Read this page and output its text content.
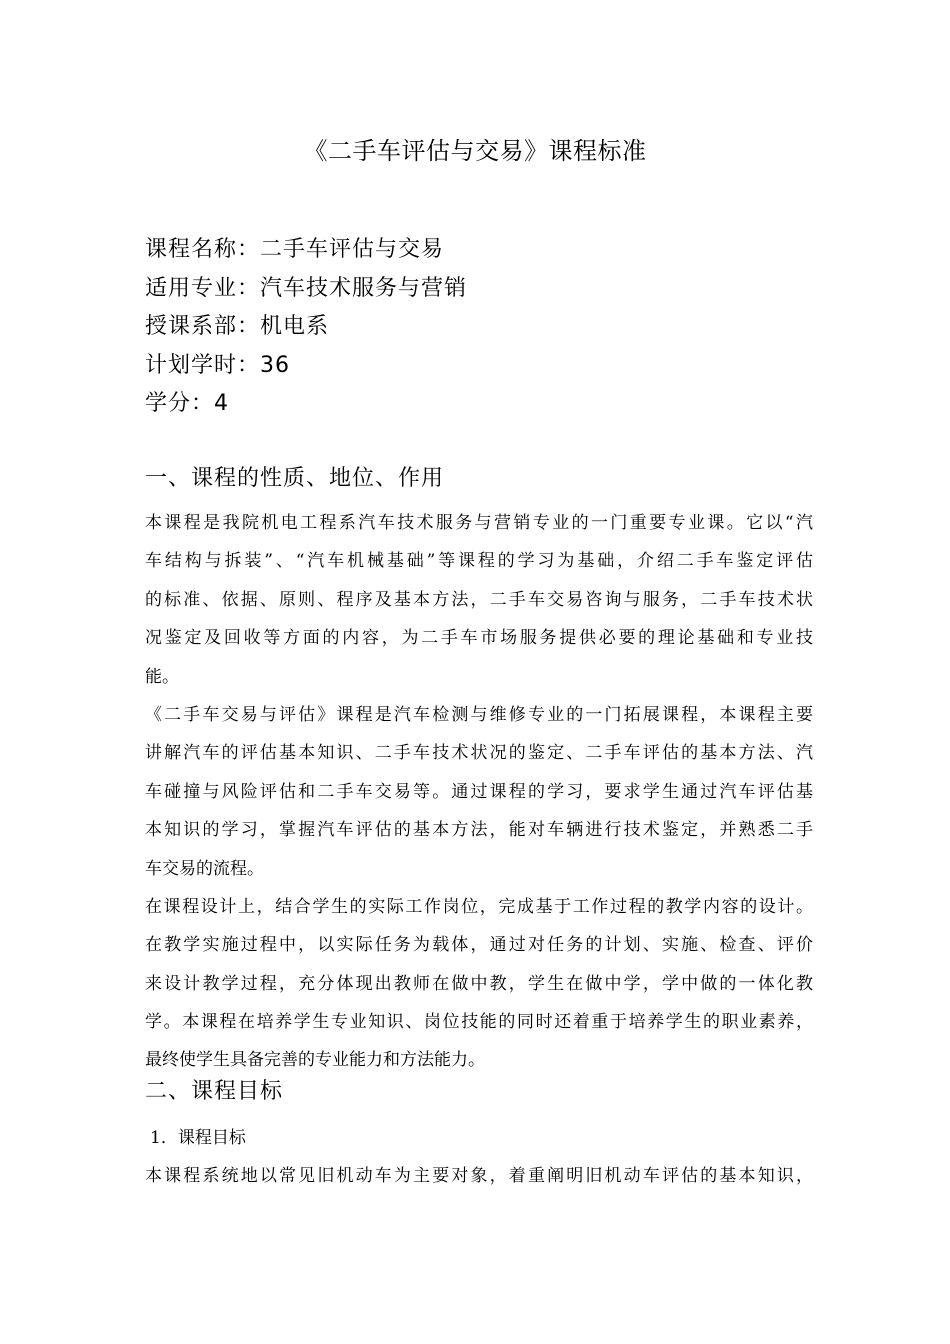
《二手车评估与交易》课程标准
课程名称：二手车评估与交易
适用专业：汽车技术服务与营销
授课系部：机电系
计划学时：36
学分：4
一、课程的性质、地位、作用
本课程是我院机电工程系汽车技术服务与营销专业的一门重要专业课。它以“汽
车结构与拆装”、“汽车机械基础”等课程的学习为基础，介绍二手车鉴定评估
的标准、依据、原则、程序及基本方法，二手车交易咨询与服务，二手车技术状
况鉴定及回收等方面的内容，为二手车市场服务提供必要的理论基础和专业技
能。
《二手车交易与评估》课程是汽车检测与维修专业的一门拓展课程，本课程主要
讲解汽车的评估基本知识、二手车技术状况的鉴定、二手车评估的基本方法、汽
车碰撞与风险评估和二手车交易等。通过课程的学习，要求学生通过汽车评估基
本知识的学习，掌握汽车评估的基本方法，能对车辆进行技术鉴定，并熟悉二手
车交易的流程。
在课程设计上，结合学生的实际工作岗位，完成基于工作过程的教学内容的设计。
在教学实施过程中，以实际任务为载体，通过对任务的计划、实施、检查、评价
来设计教学过程，充分体现出教师在做中教，学生在做中学，学中做的一体化教
学。本课程在培养学生专业知识、岗位技能的同时还着重于培养学生的职业素养，
最终使学生具备完善的专业能力和方法能力。
二、课程目标
1．课程目标
本课程系统地以常见旧机动车为主要对象，着重阐明旧机动车评估的基本知识，
